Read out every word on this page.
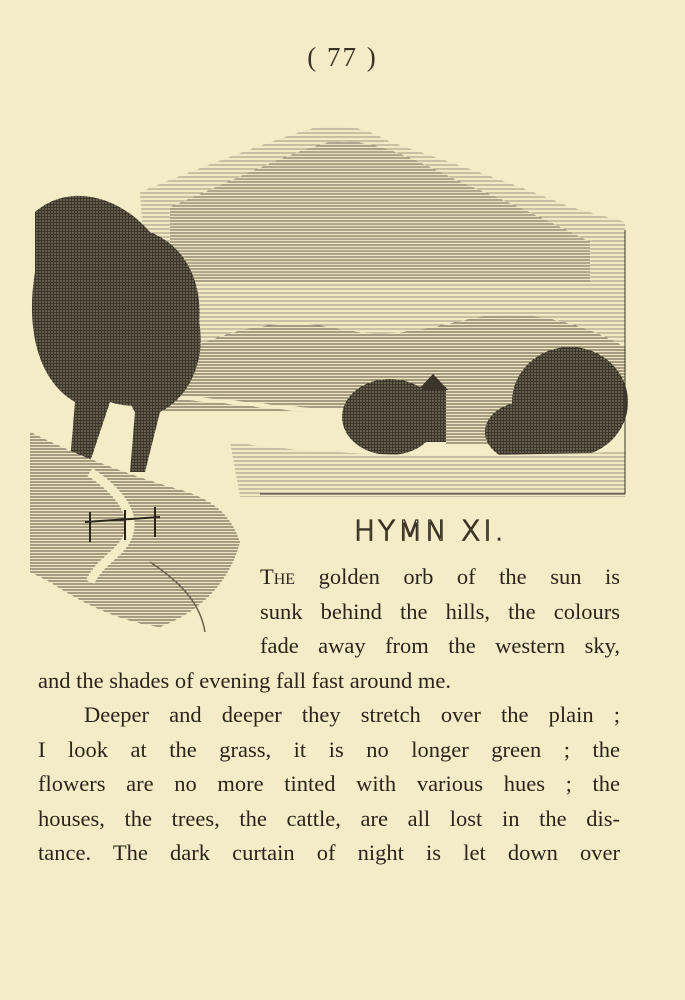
( 77 )
HYMN XI.
The golden orb of the sun is
sunk behind the hills, the colours
fade away from the western sky,
and the shades of evening fall fast around me.
Deeper and deeper they stretch over the plain ;
I look at the grass, it is no longer green ; the
flowers are no more tinted with various hues ; the
houses, the trees, the cattle, are all lost in the dis-
tance. The dark curtain of night is let down over
